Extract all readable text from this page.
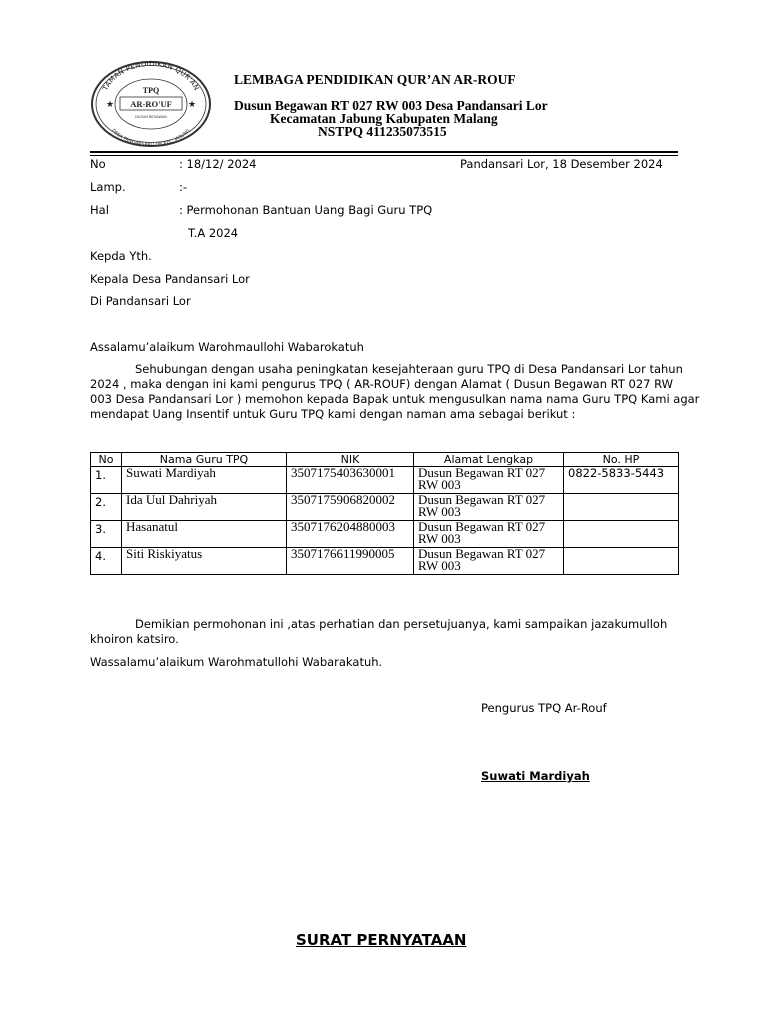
TAMAN PENDIDIKAN QUR'AN
DESA PANDANSARI LOR KEC. JABUNG
TPQ
AR-RO'UF
DUSUN BEGAWAN
★	★
LEMBAGA PENDIDIKAN QUR’AN AR-ROUF
Dusun Begawan RT 027 RW 003 Desa Pandansari Lor
Kecamatan Jabung Kabupaten Malang
NSTPQ 411235073515
No	: 18/12/ 2024	Pandansari Lor, 18 Desember 2024
Lamp.	:-
Hal	: Permohonan Bantuan Uang Bagi Guru TPQ
T.A 2024
Kepda Yth.
Kepala Desa Pandansari Lor
Di Pandansari Lor
Assalamu’alaikum Warohmaullohi Wabarokatuh
Sehubungan dengan usaha peningkatan kesejahteraan guru TPQ di Desa Pandansari Lor tahun
2024 , maka dengan ini kami pengurus TPQ ( AR-ROUF) dengan Alamat ( Dusun Begawan RT 027 RW
003 Desa Pandansari Lor ) memohon kepada Bapak untuk mengusulkan nama nama Guru TPQ Kami agar
mendapat Uang Insentif untuk Guru TPQ kami dengan naman ama sebagai berikut :
No	Nama Guru TPQ	NIK	Alamat Lengkap	No. HP
1.	Suwati Mardiyah	3507175403630001	Dusun Begawan RT 027 RW 003	0822-5833-5443
2.	Ida Uul Dahriyah	3507175906820002	Dusun Begawan RT 027 RW 003	
3.	Hasanatul	3507176204880003	Dusun Begawan RT 027 RW 003	
4.	Siti Riskiyatus	3507176611990005	Dusun Begawan RT 027 RW 003	
Demikian permohonan ini ,atas perhatian dan persetujuanya, kami sampaikan jazakumulloh
khoiron katsiro.
Wassalamu’alaikum Warohmatullohi Wabarakatuh.
Pengurus TPQ Ar-Rouf
Suwati Mardiyah
SURAT PERNYATAAN
